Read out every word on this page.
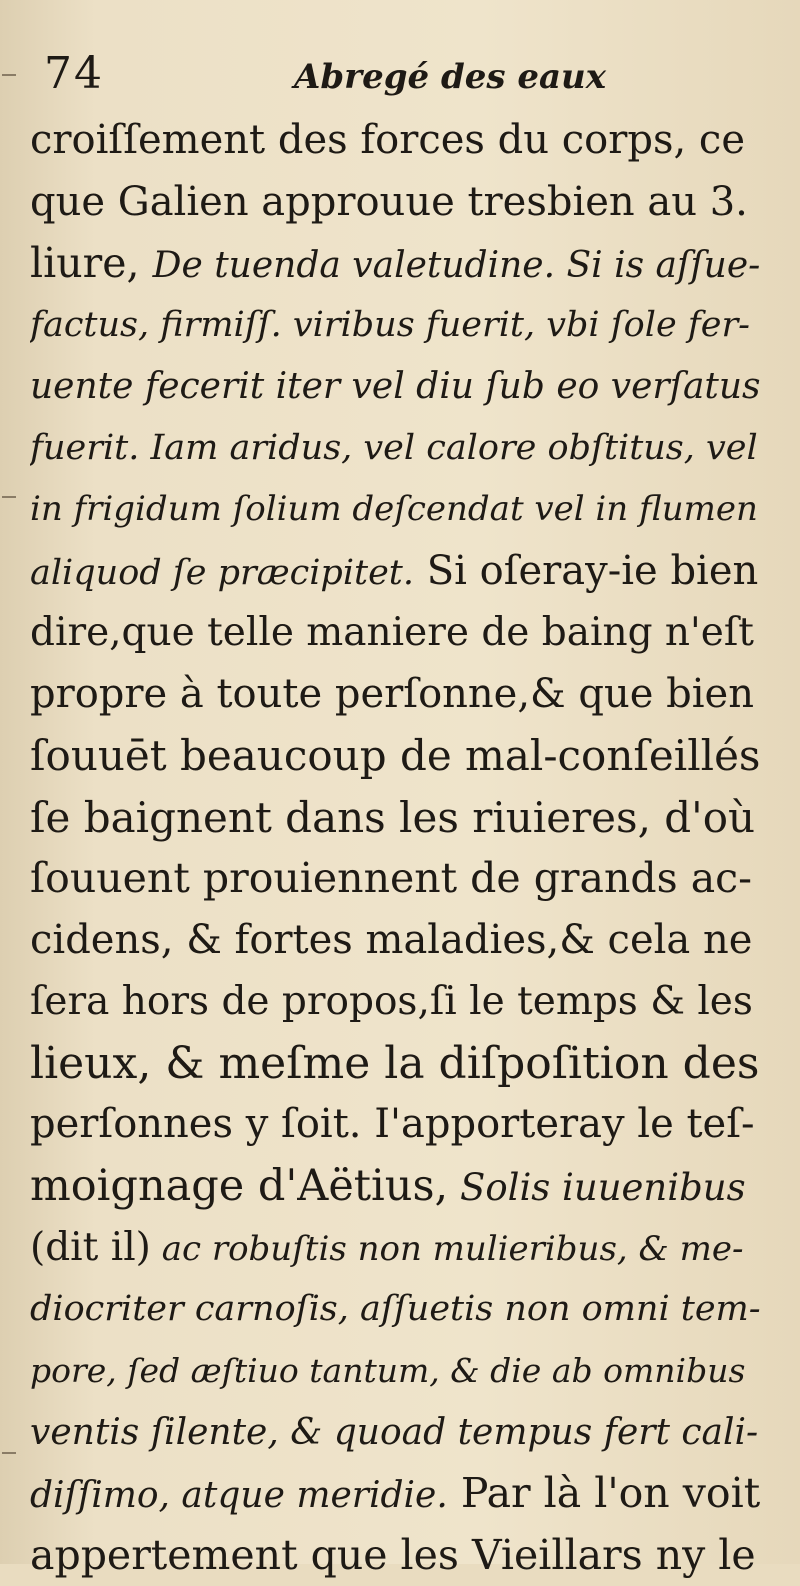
74	Abregé des eaux
croiſſement des forces du corps, ce
que Galien approuue tresbien au 3.
liure, De tuenda valetudine. Si is aſſue-
factus, firmiſſ. viribus fuerit, vbi ſole fer-
uente fecerit iter vel diu ſub eo verſatus
fuerit. Iam aridus, vel calore obſtitus, vel
in frigidum ſolium deſcendat vel in flumen
aliquod ſe præcipitet. Si oſeray-ie bien
dire,que telle maniere de baing n'eſt
propre à toute perſonne,& que bien
ſouuēt beaucoup de mal-conſeillés
ſe baignent dans les riuieres, d'où
ſouuent prouiennent de grands ac-
cidens, & fortes maladies,& cela ne
ſera hors de propos,ſi le temps & les
lieux, & meſme la diſpoſition des
perſonnes y ſoit. I'apporteray le teſ-
moignage d'Aëtius, Solis iuuenibus
(dit il) ac robuſtis non mulieribus, & me-
diocriter carnoſis, aſſuetis non omni tem-
pore, ſed æſtiuo tantum, & die ab omnibus
ventis ſilente, & quoad tempus fert cali-
diſſimo, atque meridie. Par là l'on voit
appertement que les Vieillars ny le
